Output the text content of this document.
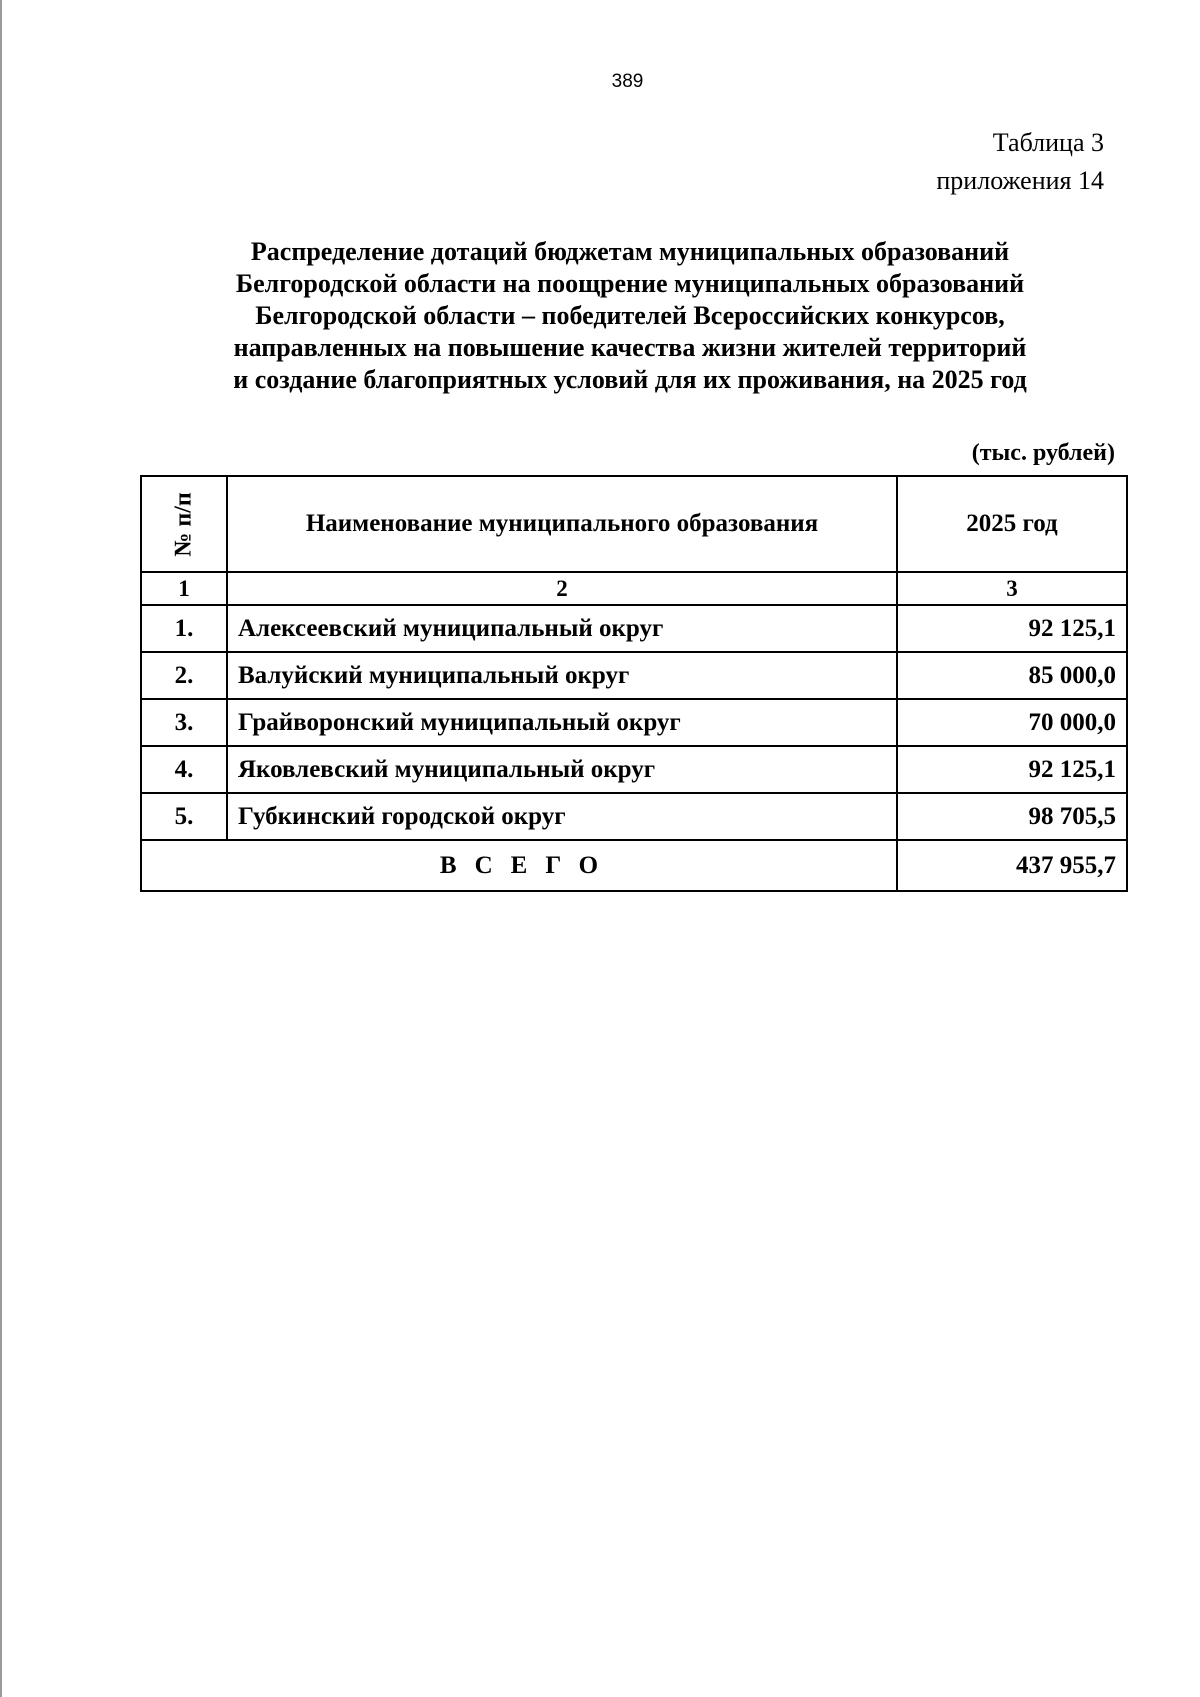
389
Таблица 3
приложения 14
Распределение дотаций бюджетам муниципальных образований
Белгородской области на поощрение муниципальных образований
Белгородской области – победителей Всероссийских конкурсов,
направленных на повышение качества жизни жителей территорий
и создание благоприятных условий для их проживания, на 2025 год
(тыс. рублей)
№ п/п	Наименование муниципального образования	2025 год
1	2	3
1.	Алексеевский муниципальный округ	92 125,1
2.	Валуйский муниципальный округ	85 000,0
3.	Грайворонский муниципальный округ	70 000,0
4.	Яковлевский муниципальный округ	92 125,1
5.	Губкинский городской округ	98 705,5
ВСЕГО		437 955,7
